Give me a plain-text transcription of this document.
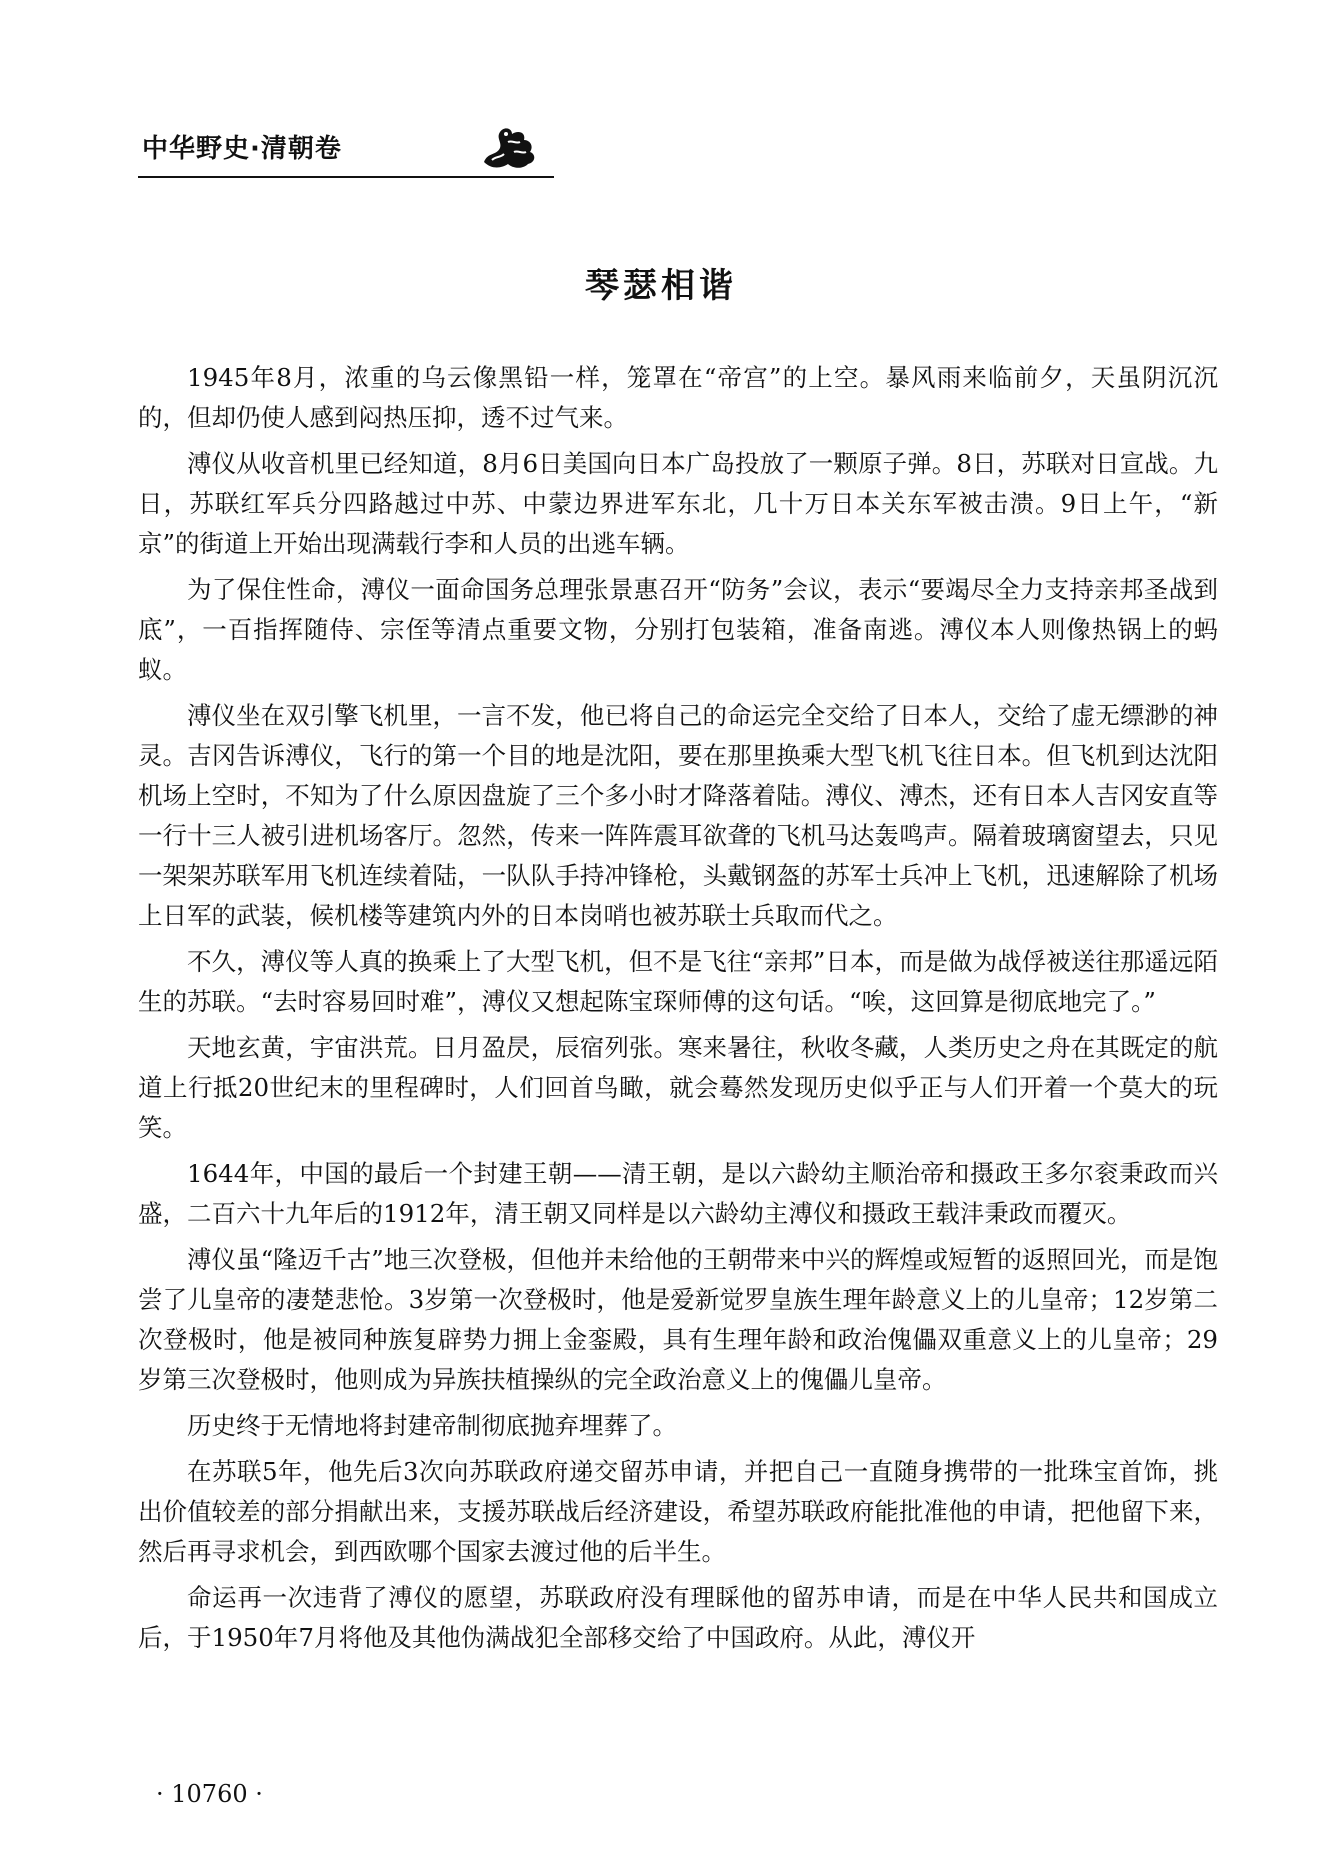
中华野史·清朝卷
琴瑟相谐

1945年8月，浓重的乌云像黑铅一样，笼罩在“帝宫”的上空。暴风雨来临前夕，天虽阴沉沉的，但却仍使人感到闷热压抑，透不过气来。

溥仪从收音机里已经知道，8月6日美国向日本广岛投放了一颗原子弹。8日，苏联对日宣战。九日，苏联红军兵分四路越过中苏、中蒙边界进军东北，几十万日本关东军被击溃。9日上午，“新京”的街道上开始出现满载行李和人员的出逃车辆。

为了保住性命，溥仪一面命国务总理张景惠召开“防务”会议，表示“要竭尽全力支持亲邦圣战到底”，一百指挥随侍、宗侄等清点重要文物，分别打包装箱，准备南逃。溥仪本人则像热锅上的蚂蚁。

溥仪坐在双引擎飞机里，一言不发，他已将自己的命运完全交给了日本人，交给了虚无缥渺的神灵。吉冈告诉溥仪，飞行的第一个目的地是沈阳，要在那里换乘大型飞机飞往日本。但飞机到达沈阳机场上空时，不知为了什么原因盘旋了三个多小时才降落着陆。溥仪、溥杰，还有日本人吉冈安直等一行十三人被引进机场客厅。忽然，传来一阵阵震耳欲聋的飞机马达轰鸣声。隔着玻璃窗望去，只见一架架苏联军用飞机连续着陆，一队队手持冲锋枪，头戴钢盔的苏军士兵冲上飞机，迅速解除了机场上日军的武装，候机楼等建筑内外的日本岗哨也被苏联士兵取而代之。

不久，溥仪等人真的换乘上了大型飞机，但不是飞往“亲邦”日本，而是做为战俘被送往那遥远陌生的苏联。“去时容易回时难”，溥仪又想起陈宝琛师傅的这句话。“唉，这回算是彻底地完了。”

天地玄黄，宇宙洪荒。日月盈昃，辰宿列张。寒来暑往，秋收冬藏，人类历史之舟在其既定的航道上行抵20世纪末的里程碑时，人们回首鸟瞰，就会蓦然发现历史似乎正与人们开着一个莫大的玩笑。

1644年，中国的最后一个封建王朝——清王朝，是以六龄幼主顺治帝和摄政王多尔衮秉政而兴盛，二百六十九年后的1912年，清王朝又同样是以六龄幼主溥仪和摄政王载沣秉政而覆灭。

溥仪虽“隆迈千古”地三次登极，但他并未给他的王朝带来中兴的辉煌或短暂的返照回光，而是饱尝了儿皇帝的凄楚悲怆。3岁第一次登极时，他是爱新觉罗皇族生理年龄意义上的儿皇帝；12岁第二次登极时，他是被同种族复辟势力拥上金銮殿，具有生理年龄和政治傀儡双重意义上的儿皇帝；29岁第三次登极时，他则成为异族扶植操纵的完全政治意义上的傀儡儿皇帝。

历史终于无情地将封建帝制彻底抛弃埋葬了。

在苏联5年，他先后3次向苏联政府递交留苏申请，并把自己一直随身携带的一批珠宝首饰，挑出价值较差的部分捐献出来，支援苏联战后经济建设，希望苏联政府能批准他的申请，把他留下来，然后再寻求机会，到西欧哪个国家去渡过他的后半生。

命运再一次违背了溥仪的愿望，苏联政府没有理睬他的留苏申请，而是在中华人民共和国成立后，于1950年7月将他及其他伪满战犯全部移交给了中国政府。从此，溥仪开

· 10760 ·
